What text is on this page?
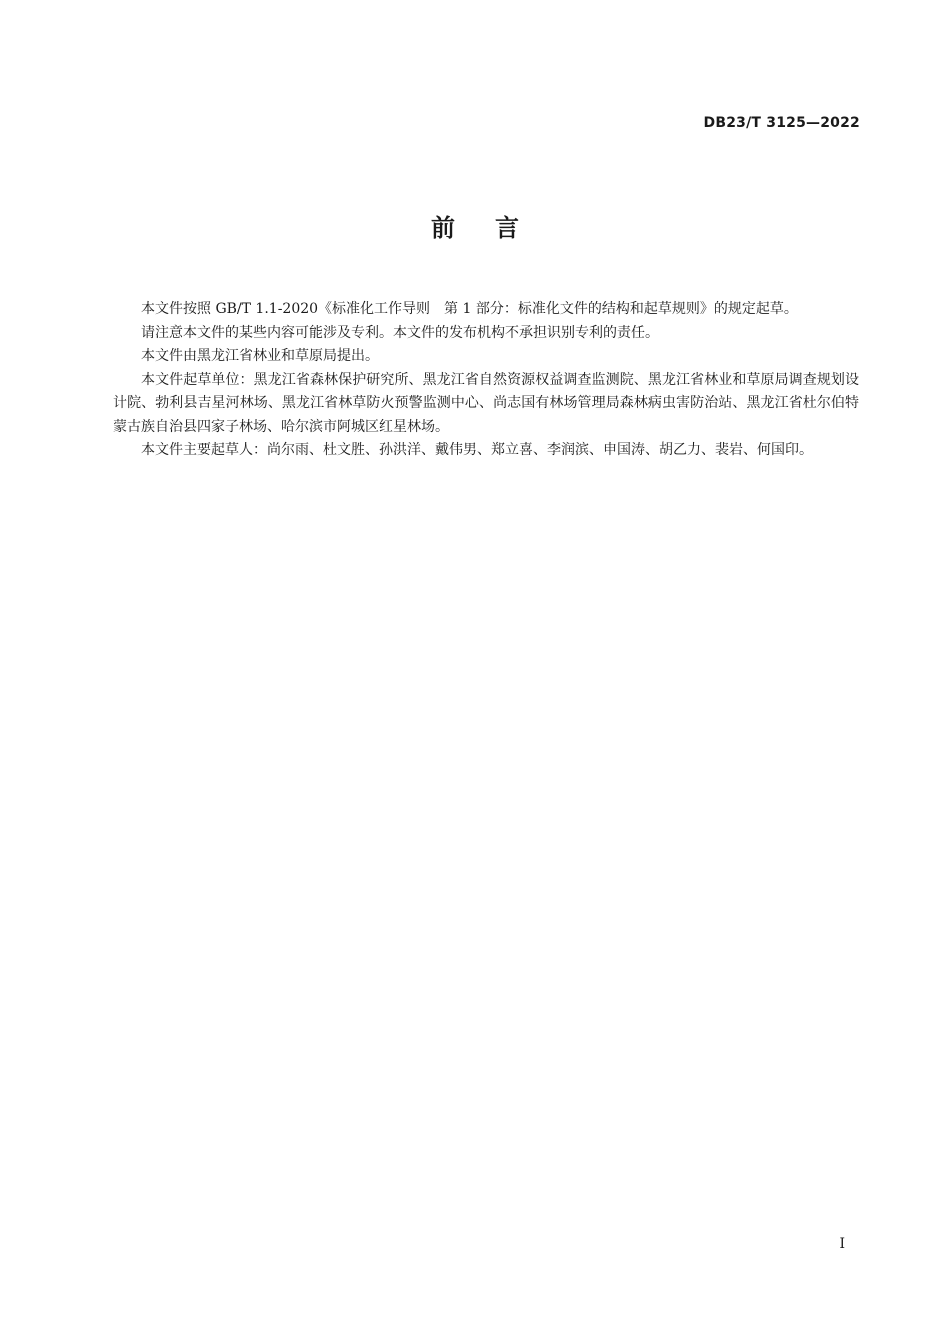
DB23/T 3125—2022
前言

本文件按照 GB/T 1.1-2020《标准化工作导则　第 1 部分：标准化文件的结构和起草规则》的规定起草。

请注意本文件的某些内容可能涉及专利。本文件的发布机构不承担识别专利的责任。

本文件由黑龙江省林业和草原局提出。

本文件起草单位：黑龙江省森林保护研究所、黑龙江省自然资源权益调查监测院、黑龙江省林业和草原局调查规划设计院、勃利县吉星河林场、黑龙江省林草防火预警监测中心、尚志国有林场管理局森林病虫害防治站、黑龙江省杜尔伯特蒙古族自治县四家子林场、哈尔滨市阿城区红星林场。

本文件主要起草人：尚尔雨、杜文胜、孙洪洋、戴伟男、郑立喜、李润滨、申国涛、胡乙力、裴岩、何国印。

I
